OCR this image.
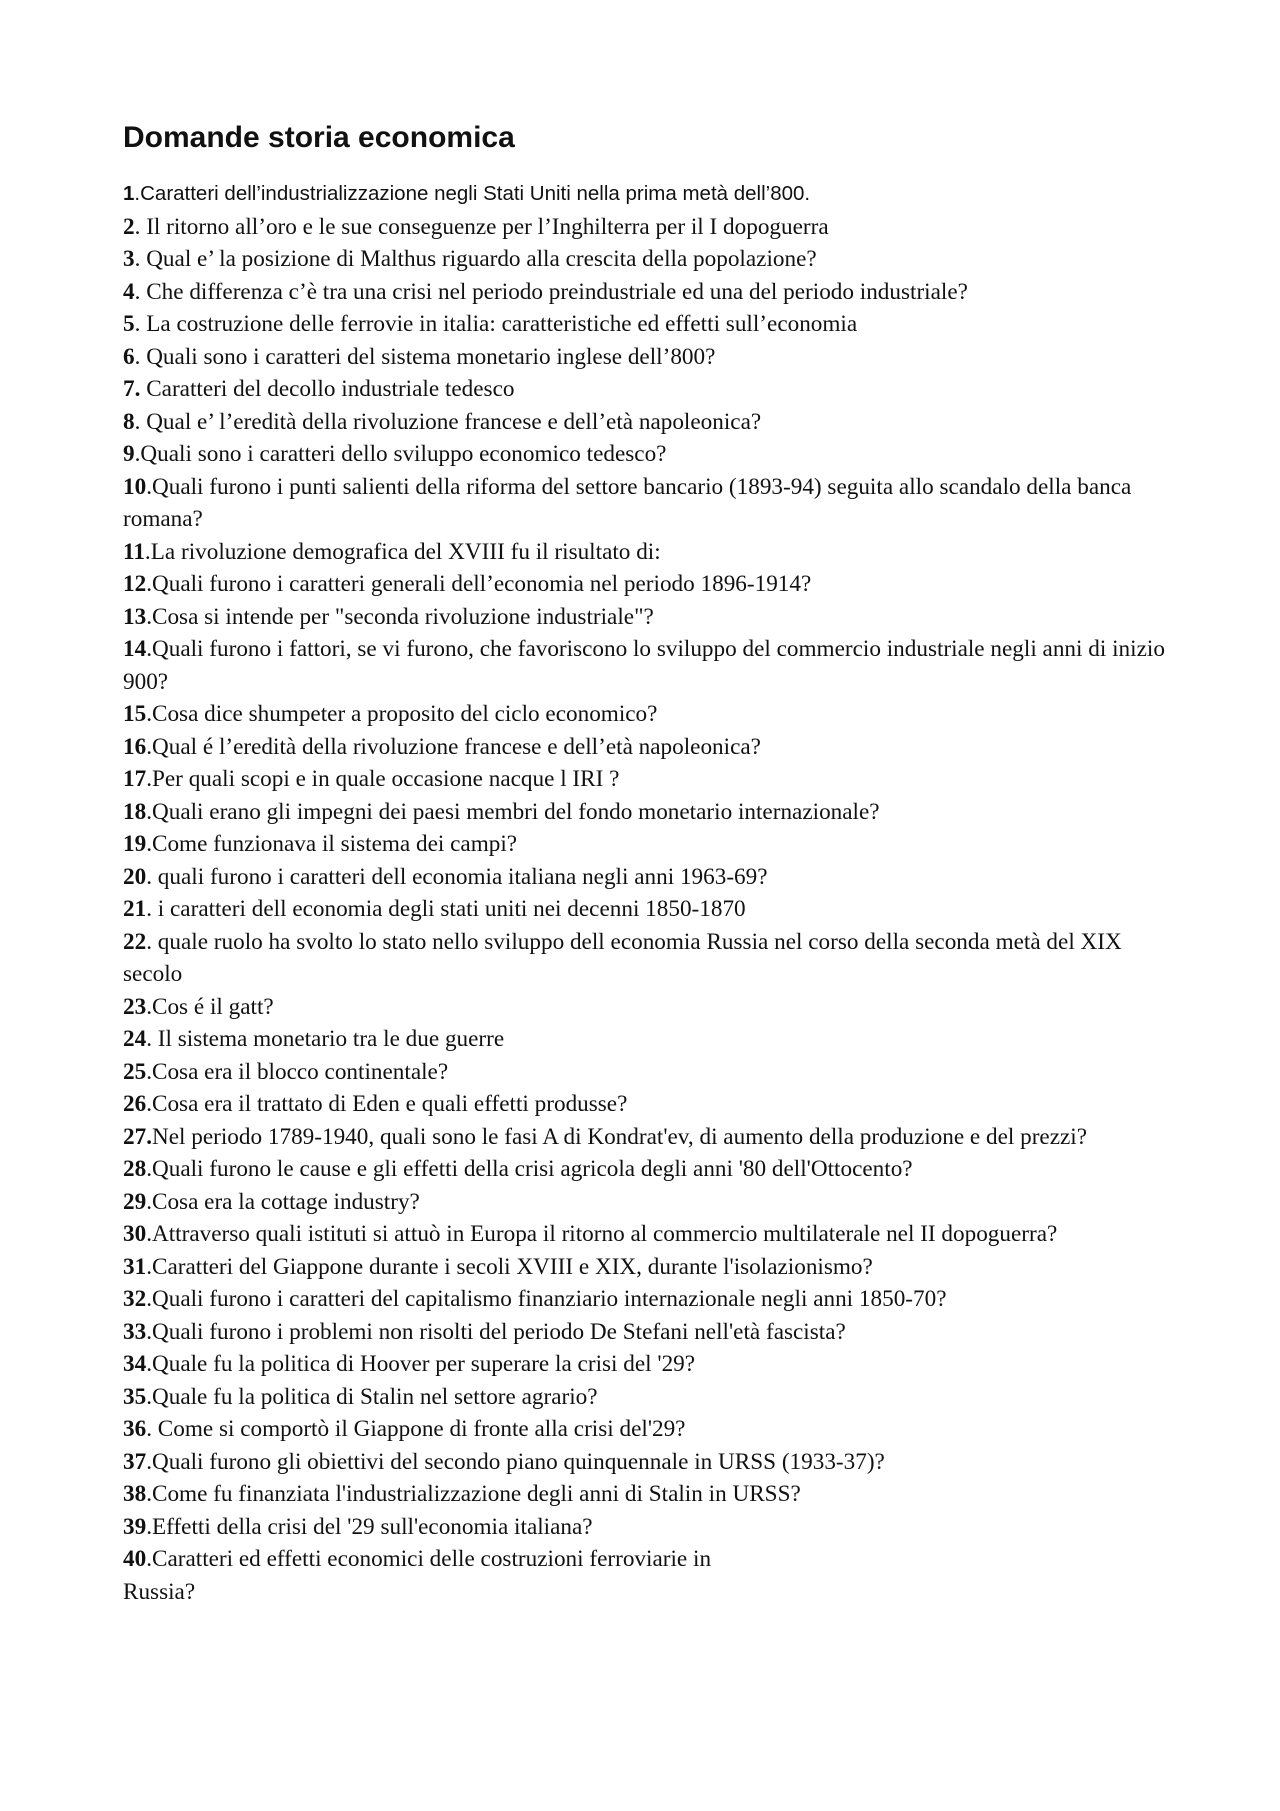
Domande storia economica

1.Caratteri dell’industrializzazione negli Stati Uniti nella prima metà dell’800.

2. Il ritorno all’oro e le sue conseguenze per l’Inghilterra per il I dopoguerra

3. Qual e’ la posizione di Malthus riguardo alla crescita della popolazione?

4. Che differenza c’è tra una crisi nel periodo preindustriale ed una del periodo industriale?

5. La costruzione delle ferrovie in italia: caratteristiche ed effetti sull’economia

6. Quali sono i caratteri del sistema monetario inglese dell’800?

7. Caratteri del decollo industriale tedesco

8. Qual e’ l’eredità della rivoluzione francese e dell’età napoleonica?

9.Quali sono i caratteri dello sviluppo economico tedesco?

10.Quali furono i punti salienti della riforma del settore bancario (1893-94) seguita allo scandalo della banca romana?

11.La rivoluzione demografica del XVIII fu il risultato di:

12.Quali furono i caratteri generali dell’economia nel periodo 1896-1914?

13.Cosa si intende per "seconda rivoluzione industriale"?

14.Quali furono i fattori, se vi furono, che favoriscono lo sviluppo del commercio industriale negli anni di inizio 900?

15.Cosa dice shumpeter a proposito del ciclo economico?

16.Qual é l’eredità della rivoluzione francese e dell’età napoleonica?

17.Per quali scopi e in quale occasione nacque l IRI ?

18.Quali erano gli impegni dei paesi membri del fondo monetario internazionale?

19.Come funzionava il sistema dei campi?

20. quali furono i caratteri dell economia italiana negli anni 1963-69?

21. i caratteri dell economia degli stati uniti nei decenni 1850-1870

22. quale ruolo ha svolto lo stato nello sviluppo dell economia Russia nel corso della seconda metà del XIX secolo

23.Cos é il gatt?

24. Il sistema monetario tra le due guerre

25.Cosa era il blocco continentale?

26.Cosa era il trattato di Eden e quali effetti produsse?

27.Nel periodo 1789-1940, quali sono le fasi A di Kondrat'ev, di aumento della produzione e del prezzi?

28.Quali furono le cause e gli effetti della crisi agricola degli anni '80 dell'Ottocento?

29.Cosa era la cottage industry?

30.Attraverso quali istituti si attuò in Europa il ritorno al commercio multilaterale nel II dopoguerra?

31.Caratteri del Giappone durante i secoli XVIII e XIX, durante l'isolazionismo?

32.Quali furono i caratteri del capitalismo finanziario internazionale negli anni 1850-70?

33.Quali furono i problemi non risolti del periodo De Stefani nell'età fascista?

34.Quale fu la politica di Hoover per superare la crisi del '29?

35.Quale fu la politica di Stalin nel settore agrario?

36. Come si comportò il Giappone di fronte alla crisi del'29?

37.Quali furono gli obiettivi del secondo piano quinquennale in URSS (1933-37)?

38.Come fu finanziata l'industrializzazione degli anni di Stalin in URSS?

39.Effetti della crisi del '29 sull'economia italiana?

40.Caratteri ed effetti economici delle costruzioni ferroviarie in
Russia?
